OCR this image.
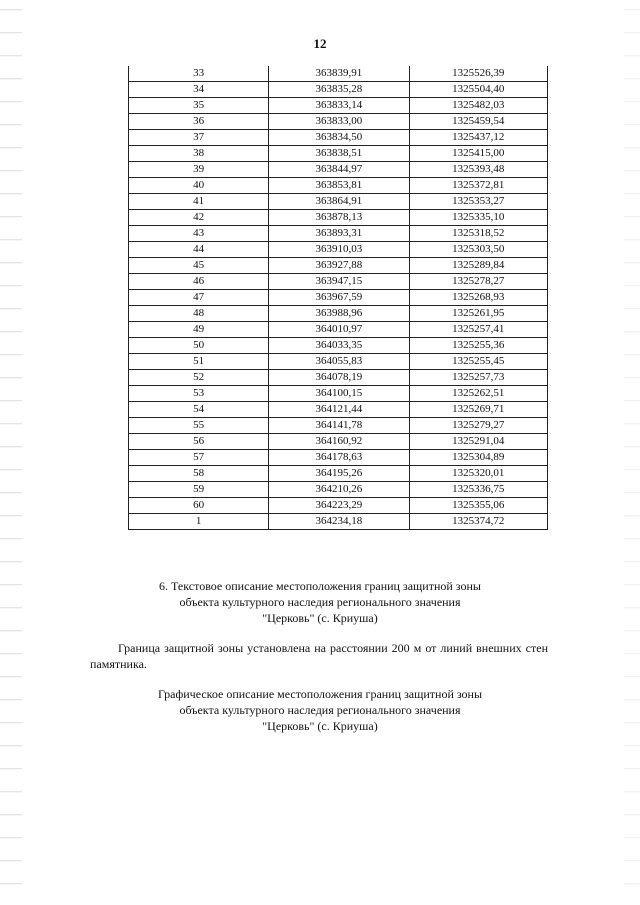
12
33	363839,91	1325526,39
34	363835,28	1325504,40
35	363833,14	1325482,03
36	363833,00	1325459,54
37	363834,50	1325437,12
38	363838,51	1325415,00
39	363844,97	1325393,48
40	363853,81	1325372,81
41	363864,91	1325353,27
42	363878,13	1325335,10
43	363893,31	1325318,52
44	363910,03	1325303,50
45	363927,88	1325289,84
46	363947,15	1325278,27
47	363967,59	1325268,93
48	363988,96	1325261,95
49	364010,97	1325257,41
50	364033,35	1325255,36
51	364055,83	1325255,45
52	364078,19	1325257,73
53	364100,15	1325262,51
54	364121,44	1325269,71
55	364141,78	1325279,27
56	364160,92	1325291,04
57	364178,63	1325304,89
58	364195,26	1325320,01
59	364210,26	1325336,75
60	364223,29	1325355,06
1	364234,18	1325374,72
6. Текстовое описание местоположения границ защитной зоны
объекта культурного наследия регионального значения
"Церковь" (с. Криуша)
Граница защитной зоны установлена на расстоянии 200 м от линий внешних стен памятника.
Графическое описание местоположения границ защитной зоны
объекта культурного наследия регионального значения
"Церковь" (с. Криуша)
